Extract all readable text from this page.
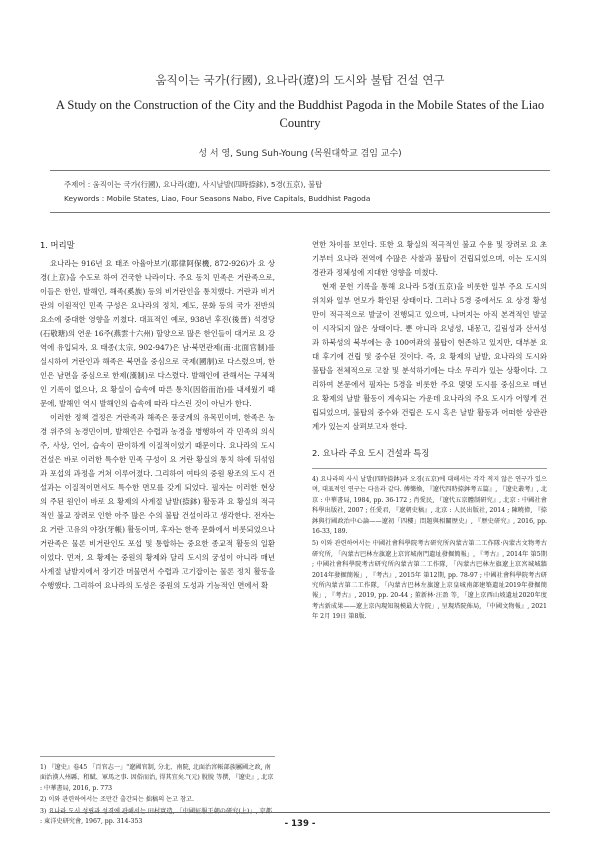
움직이는 국가(行國), 요나라(遼)의 도시와 불탑 건설 연구
A Study on the Construction of the City and the Buddhist Pagoda in the Mobile States of the Liao Country
성 서 영, Sung Suh-Young (목원대학교 겸임 교수)
주제어 : 움직이는 국가(行國), 요나라(遼), 사시날발(四時捺鉢), 5경(五京), 불탑
Keywords : Mobile States, Liao, Four Seasons Nabo, Five Capitals, Buddhist Pagoda

1. 머리말

요나라는 916년 요 태조 아율아보기(耶律阿保機, 872-926)가 요 상경(上京)을 수도로 하여 건국한 나라이다. 주요 동치 민족은 거란족으로, 이들은 한인, 발해인, 해족(奚族) 등의 비거란인을 통치했다. 거란과 비거란의 이원적인 민족 구성은 요나라의 정치, 제도, 문화 등의 국가 전반의 요소에 중대한 영향을 끼쳤다. 대표적인 예로, 938년 후진(後晉) 석경당(石敬瑭)의 연운 16주(燕雲十六州) 할양으로 많은 한인들이 대거로 요 강역에 유입되자, 요 태종(太宗, 902-947)은 남·북면관제(南·北面官制)를 실시하여 거란인과 해족은 북면을 중심으로 국제(國制)로 다스렸으며, 한인은 남면을 중심으로 한제(漢制)로 다스렸다. 발해인에 관해서는 구체적인 기록이 없으나, 요 황실이 습속에 따른 통치(因俗而治)를 내세웠기 때문에, 발해인 역시 발해인의 습속에 따라 다스린 것이 아닌가 한다.

이러한 정책 결정은 거란족과 해족은 풍궁계의 유목민이며, 한족은 농경 위주의 농경민이며, 발해인은 수렵과 농경을 병행하여 각 민족의 의식주, 사상, 언어, 습속이 판이하게 이질적이었기 때문이다. 요나라의 도시 건설은 바로 이러한 특수한 민족 구성이 요 거란 황실의 통치 하에 뒤섞임과 포섭의 과정을 거쳐 이루어졌다. 그리하여 여타의 중원 왕조의 도시 건설과는 이질적이면서도 특수한 면모를 갖게 되었다. 필자는 이러한 현상의 주된 원인이 바로 요 황제의 사계절 날발(捺鉢) 활동과 요 황실의 적극적인 불교 장려로 인한 아주 많은 수의 불탑 건설이라고 생각한다. 전자는 요 거란 고유의 야장(牙帳) 활동이며, 후자는 한족 문화에서 비롯되었으나 거란족은 물론 비거란인도 포섭 및 통합하는 중요한 종교적 활동의 일환이었다. 먼저, 요 황제는 중원의 황제와 달리 도시의 궁성이 아니라 매년 사계절 날발지에서 장기간 머물면서 수렵과 고기잡이는 물론 정치 활동을 수행했다. 그리하여 요나라의 도성은 중원의 도성과 기능적인 면에서 확

1) 『遼史』卷45 「百官志一」"遼國官制, 分北、南院, 北面治宮帳部族屬國之政, 南面治漢人州縣、租賦、軍馬之事. 因俗而治, 得其宜矣."(元) 脫脫 等撰, 『遼史』, 北京 : 中華書局, 2016, p. 773

2) 이와 관련하여서는 조만간 출간되는 拙稿의 논고 참고.

3) 요나라 도시 성립과 성격에 관해서는 田村實造, 「中國征服王朝の研究(上)」, 京都 : 東洋史研究會, 1967, pp. 314-353

연한 차이를 보인다. 또한 요 황실의 적극적인 불교 수용 및 장려로 요 초기부터 요나라 전역에 수많은 사찰과 불탑이 건립되었으며, 이는 도시의 경관과 정체성에 지대한 영향을 미쳤다.

현재 문헌 기록을 통해 요나라 5경(五京)을 비롯한 일부 주요 도시의 위치와 일부 연모가 확인된 상태이다. 그러나 5경 중에서도 요 상경 황성만이 적극적으로 발굴이 진행되고 있으며, 나머지는 아직 본격적인 발굴이 시작되지 않은 상태이다. 뿐 아니라 요녕성, 내몽고, 길림성과 산서성과 하북성의 북부에는 총 100여좌의 불탑이 현존하고 있지만, 대부분 요대 후기에 건립 및 중수된 것이다. 즉, 요 황제의 날발, 요나라의 도시와 불탑을 전체적으로 고찰 및 분석하기에는 다소 무리가 있는 상황이다. 그리하여 본문에서 필자는 5경을 비롯한 주요 몇몇 도시를 중심으로 매년 요 황제의 날발 활동이 계속되는 가운데 요나라의 주요 도시가 어떻게 건립되었으며, 불탑의 중수와 건립은 도시 혹은 날발 활동과 어떠한 상관관계가 있는지 살펴보고자 한다.

2. 요나라 주요 도시 건설과 특징

4) 요나라의 사시 날발(四時捺鉢)과 오경(五京)에 대해서는 각각 적지 않은 연구가 있으며, 대표적인 연구는 다음과 같다. 傅樂煥, 『遼代四時捺鉢考五篇』, 『遼史叢考』, 北京 : 中華書局, 1984, pp. 36-172 ; 肖愛民, 『遼代五京體制研究』, 北京 : 中國社會科學出版社, 2007 ; 任愛君, 『遼朝史稿』, 北京 : 人民出版社, 2014 ; 陳曉偉, 『捺鉢與行國政治中心論——遼初「四樓」問題與相關歷史』, 『歷史研究』, 2016, pp. 16-33, 189.

5) 이와 관련하여서는 中國社會科學院考古研究所內蒙古第二工作隊·內蒙古文物考古研究所, 「內蒙古巴林左旗遼上京宮城南門遺址發掘簡報」, 『考古』, 2014年 第5期 ; 中國社會科學院考古研究所內蒙古第二工作隊, 「內蒙古巴林左旗遼上京宮城城牆2014年發掘簡報」, 『考古』, 2015年 第12期, pp. 78-97 ; 中國社會科學院考古研究所內蒙古第二工作隊, 「內蒙古巴林左旗遼上京皇城南部建築遺址2019年發掘簡報」, 『考古』, 2019, pp. 20-44 ; 董新林·汪盈 等, 「遼上京西山坡遺址2020年度考古新成果——遼上京內現知規模最大寺院」, 呈現塔院佈局, 『中國文物報』, 2021年 2月 19日 第8版.

- 139 -
